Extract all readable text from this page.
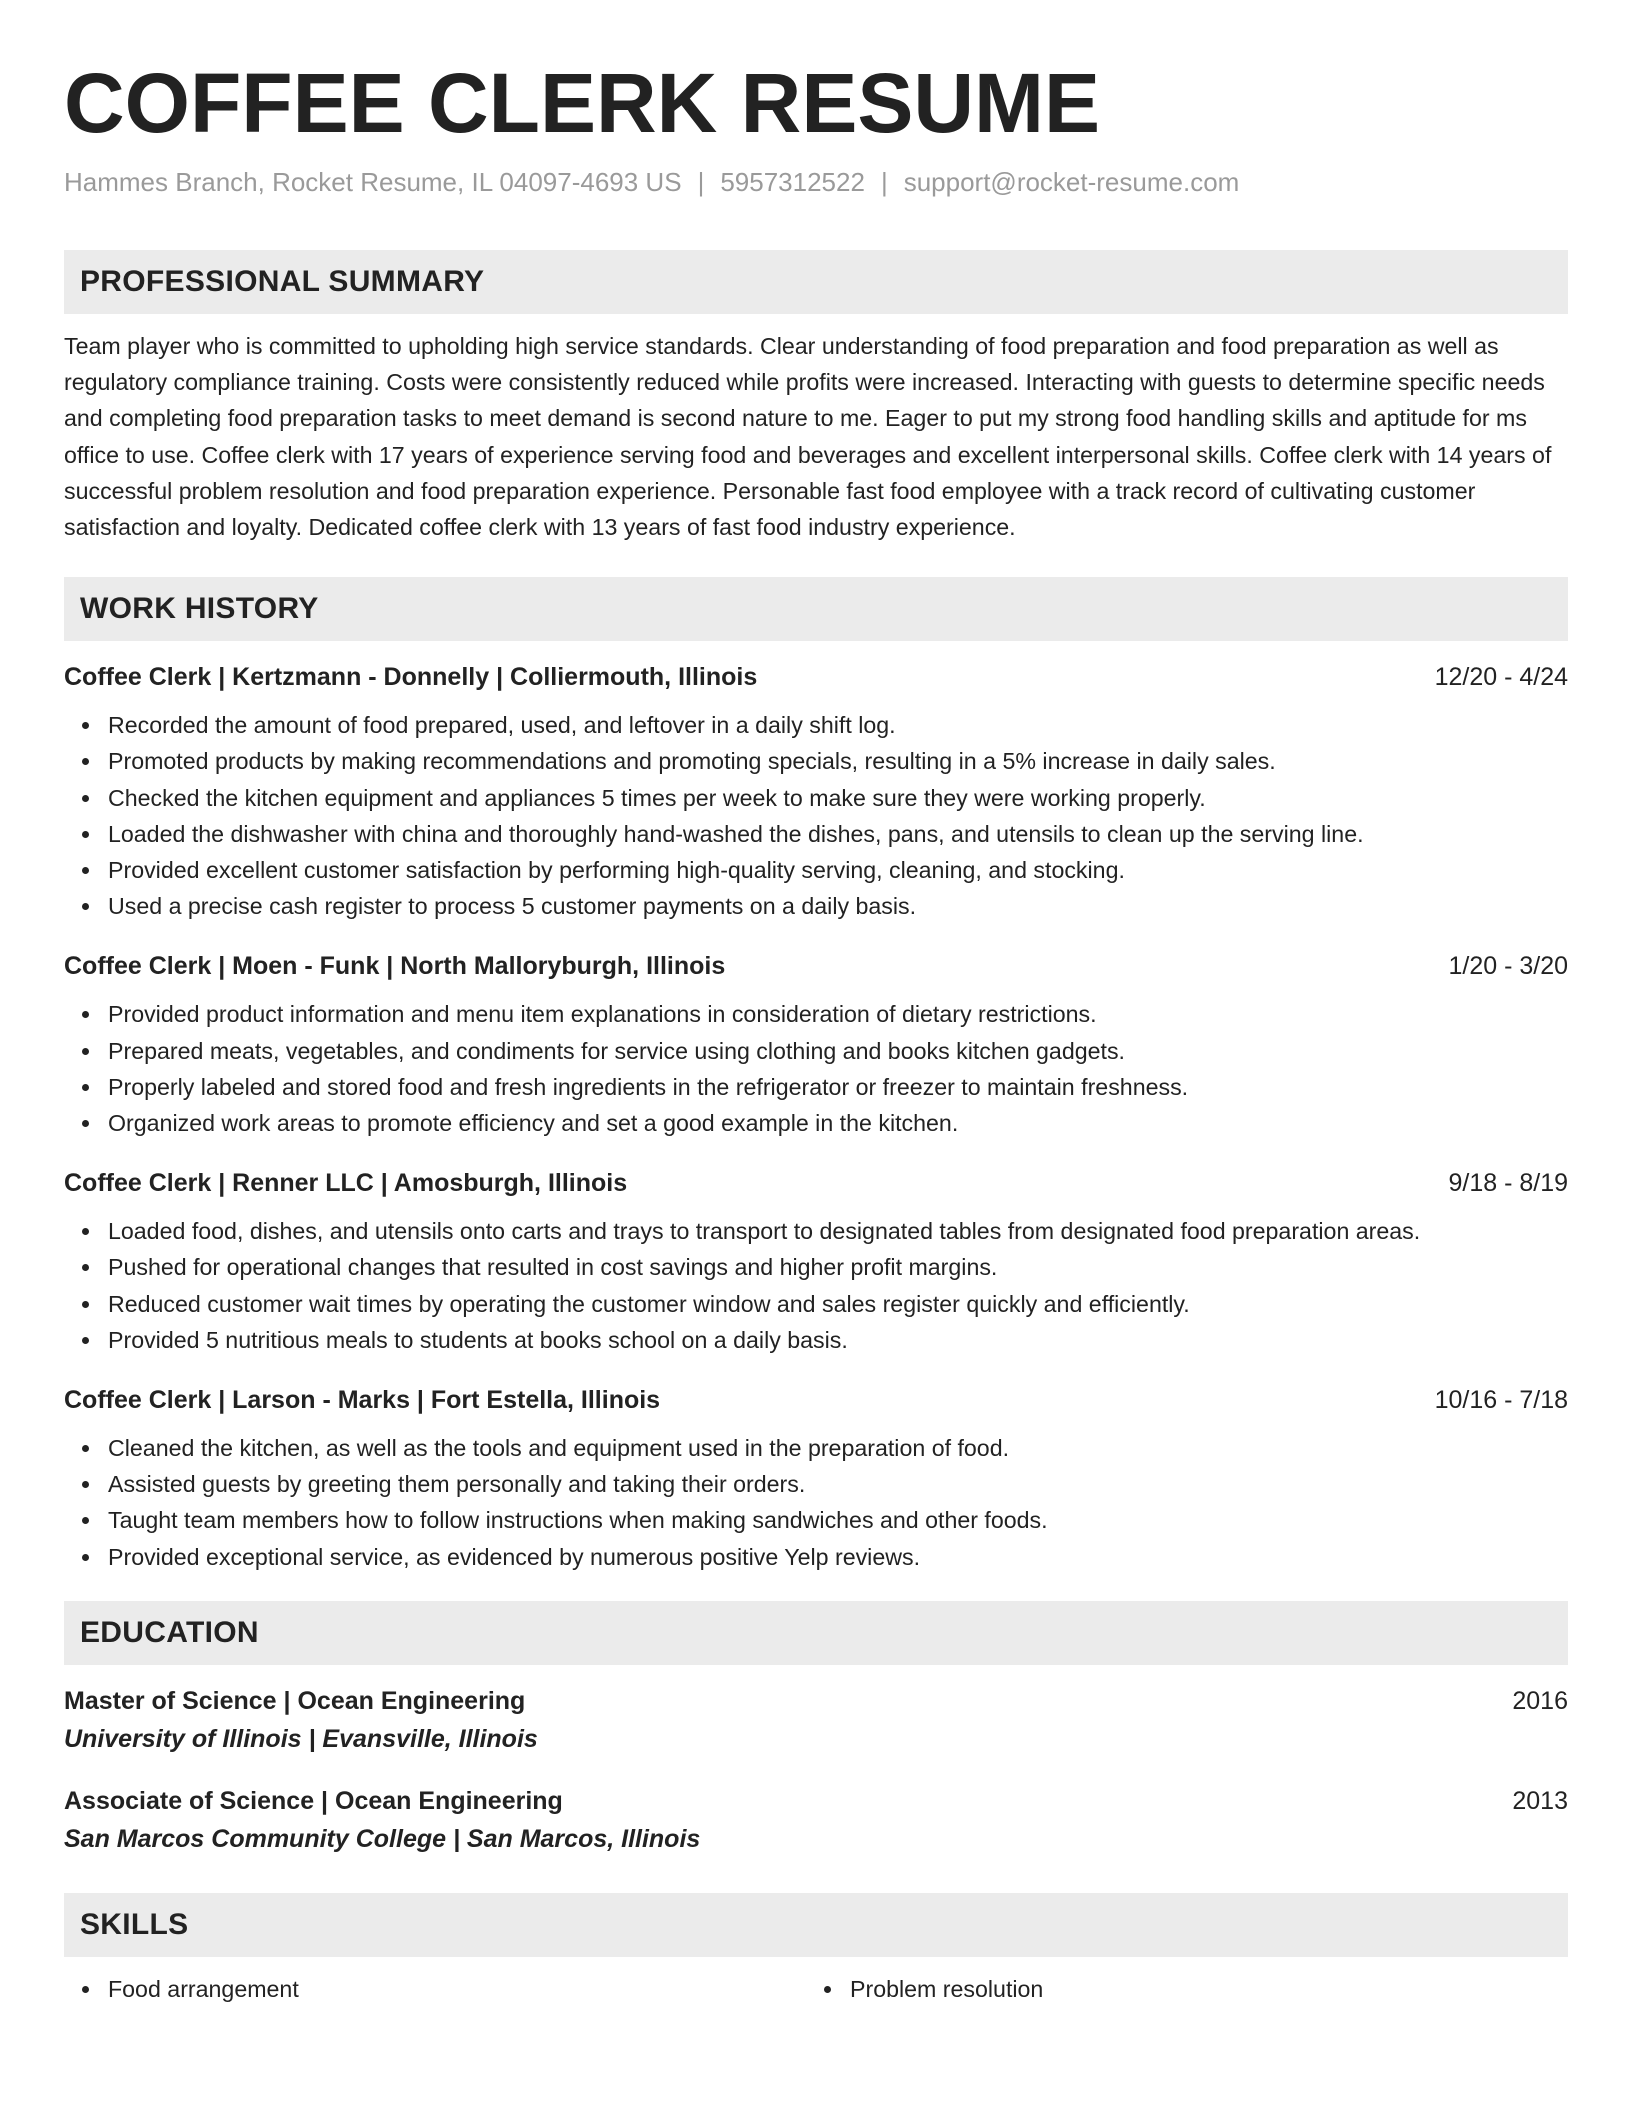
COFFEE CLERK RESUME
Hammes Branch, Rocket Resume, IL 04097-4693 US | 5957312522 | support@rocket-resume.com
PROFESSIONAL SUMMARY
Team player who is committed to upholding high service standards. Clear understanding of food preparation and food preparation as well as regulatory compliance training. Costs were consistently reduced while profits were increased. Interacting with guests to determine specific needs and completing food preparation tasks to meet demand is second nature to me. Eager to put my strong food handling skills and aptitude for ms office to use. Coffee clerk with 17 years of experience serving food and beverages and excellent interpersonal skills. Coffee clerk with 14 years of successful problem resolution and food preparation experience. Personable fast food employee with a track record of cultivating customer satisfaction and loyalty. Dedicated coffee clerk with 13 years of fast food industry experience.
WORK HISTORY
Coffee Clerk | Kertzmann - Donnelly | Colliermouth, Illinois	12/20 - 4/24
Recorded the amount of food prepared, used, and leftover in a daily shift log.
Promoted products by making recommendations and promoting specials, resulting in a 5% increase in daily sales.
Checked the kitchen equipment and appliances 5 times per week to make sure they were working properly.
Loaded the dishwasher with china and thoroughly hand-washed the dishes, pans, and utensils to clean up the serving line.
Provided excellent customer satisfaction by performing high-quality serving, cleaning, and stocking.
Used a precise cash register to process 5 customer payments on a daily basis.
Coffee Clerk | Moen - Funk | North Malloryburgh, Illinois	1/20 - 3/20
Provided product information and menu item explanations in consideration of dietary restrictions.
Prepared meats, vegetables, and condiments for service using clothing and books kitchen gadgets.
Properly labeled and stored food and fresh ingredients in the refrigerator or freezer to maintain freshness.
Organized work areas to promote efficiency and set a good example in the kitchen.
Coffee Clerk | Renner LLC | Amosburgh, Illinois	9/18 - 8/19
Loaded food, dishes, and utensils onto carts and trays to transport to designated tables from designated food preparation areas.
Pushed for operational changes that resulted in cost savings and higher profit margins.
Reduced customer wait times by operating the customer window and sales register quickly and efficiently.
Provided 5 nutritious meals to students at books school on a daily basis.
Coffee Clerk | Larson - Marks | Fort Estella, Illinois	10/16 - 7/18
Cleaned the kitchen, as well as the tools and equipment used in the preparation of food.
Assisted guests by greeting them personally and taking their orders.
Taught team members how to follow instructions when making sandwiches and other foods.
Provided exceptional service, as evidenced by numerous positive Yelp reviews.
EDUCATION
Master of Science | Ocean Engineering	2016
University of Illinois | Evansville, Illinois
Associate of Science | Ocean Engineering	2013
San Marcos Community College | San Marcos, Illinois
SKILLS
Food arrangement	Problem resolution
